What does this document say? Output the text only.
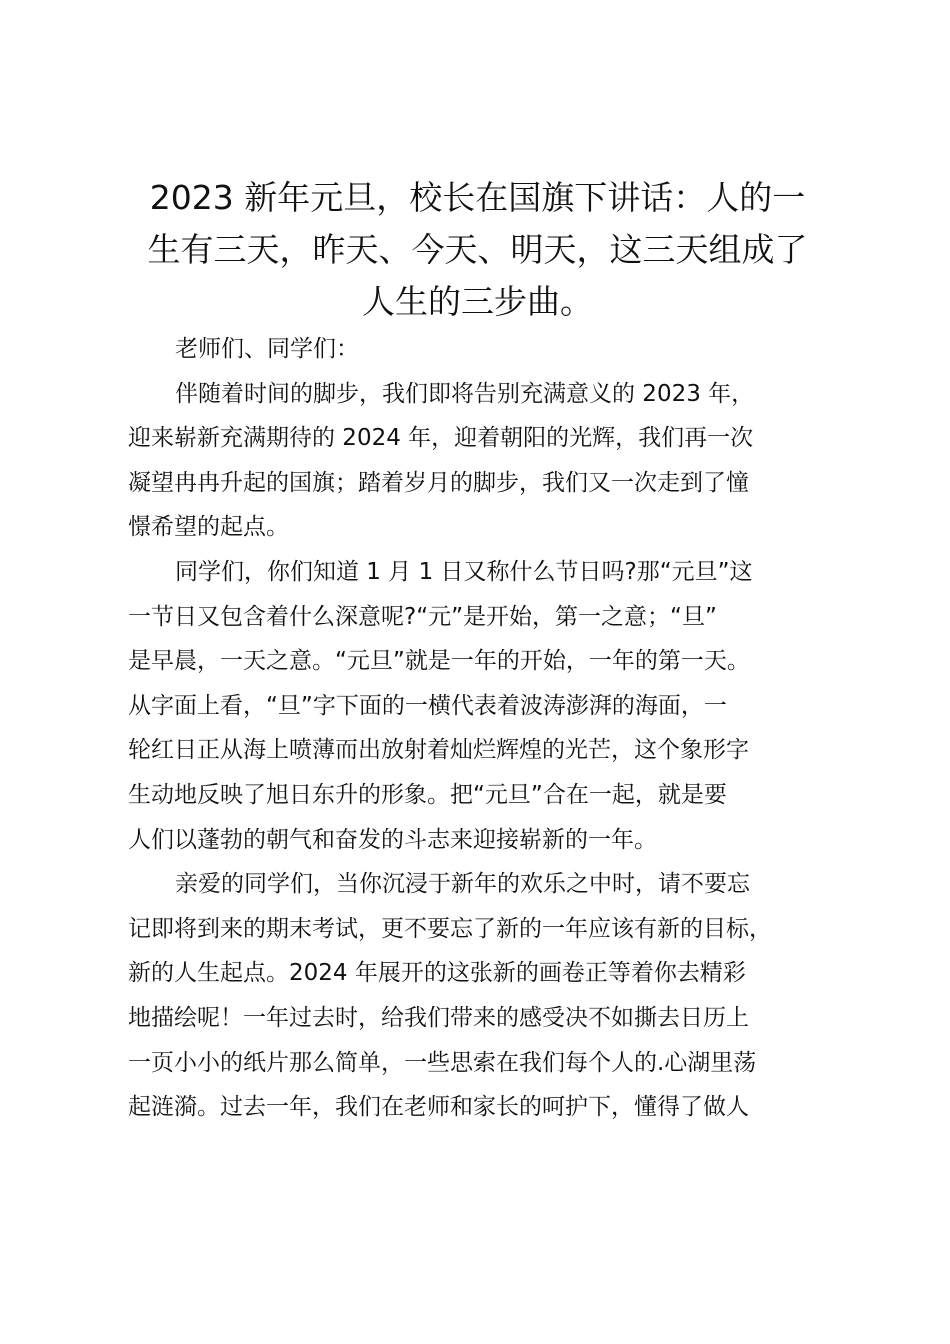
2023 新年元旦，校长在国旗下讲话：人的一
生有三天，昨天、今天、明天，这三天组成了
人生的三步曲。
老师们、同学们：
伴随着时间的脚步，我们即将告别充满意义的 2023 年，
迎来崭新充满期待的 2024 年，迎着朝阳的光辉，我们再一次
凝望冉冉升起的国旗；踏着岁月的脚步，我们又一次走到了憧
憬希望的起点。
同学们，你们知道 1 月 1 日又称什么节日吗?那“元旦”这
一节日又包含着什么深意呢?“元”是开始，第一之意；“旦”
是早晨，一天之意。“元旦”就是一年的开始，一年的第一天。
从字面上看，“旦”字下面的一横代表着波涛澎湃的海面，一
轮红日正从海上喷薄而出放射着灿烂辉煌的光芒，这个象形字
生动地反映了旭日东升的形象。把“元旦”合在一起，就是要
人们以蓬勃的朝气和奋发的斗志来迎接崭新的一年。
亲爱的同学们，当你沉浸于新年的欢乐之中时，请不要忘
记即将到来的期末考试，更不要忘了新的一年应该有新的目标，
新的人生起点。2024 年展开的这张新的画卷正等着你去精彩
地描绘呢！一年过去时，给我们带来的感受决不如撕去日历上
一页小小的纸片那么简单，一些思索在我们每个人的.心湖里荡
起涟漪。过去一年，我们在老师和家长的呵护下，懂得了做人
